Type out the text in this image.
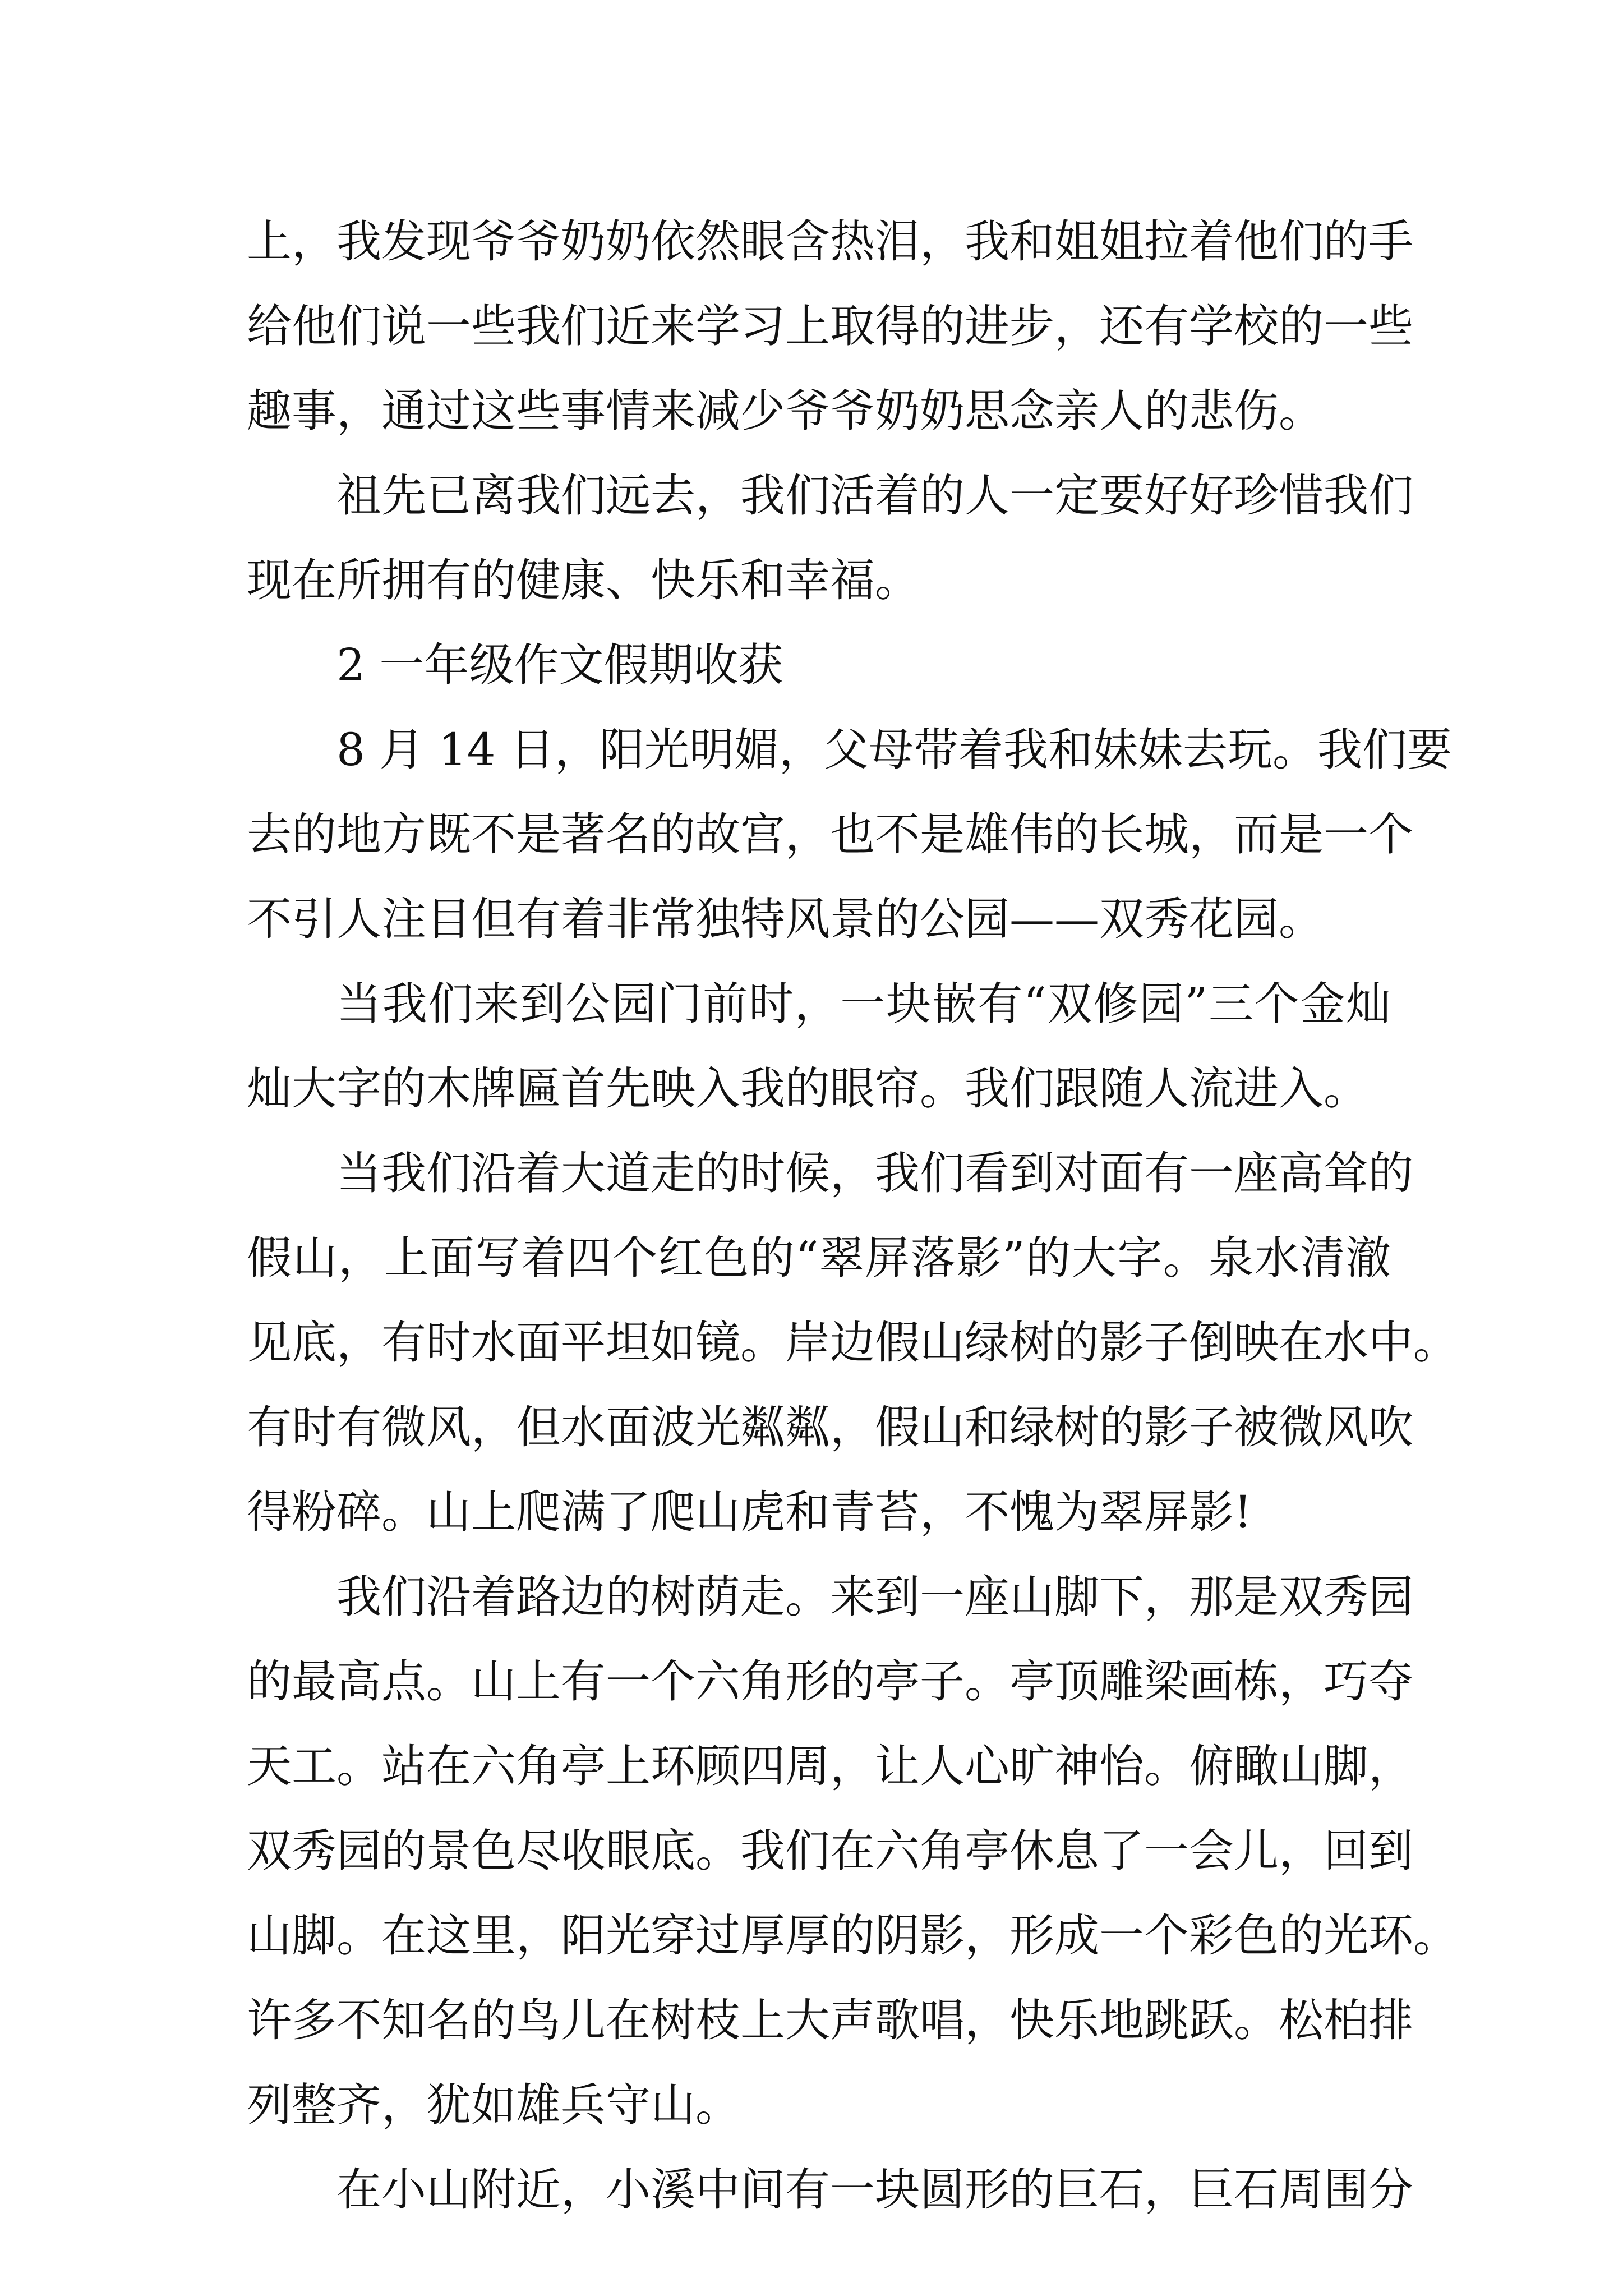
上，我发现爷爷奶奶依然眼含热泪，我和姐姐拉着他们的手
给他们说一些我们近来学习上取得的进步，还有学校的一些
趣事，通过这些事情来减少爷爷奶奶思念亲人的悲伤。
祖先已离我们远去，我们活着的人一定要好好珍惜我们
现在所拥有的健康、快乐和幸福。
2 一年级作文假期收获
8 月 14 日，阳光明媚，父母带着我和妹妹去玩。我们要
去的地方既不是著名的故宫，也不是雄伟的长城，而是一个
不引人注目但有着非常独特风景的公园——双秀花园。
当我们来到公园门前时，一块嵌有“双修园”三个金灿
灿大字的木牌匾首先映入我的眼帘。我们跟随人流进入。
当我们沿着大道走的时候，我们看到对面有一座高耸的
假山，上面写着四个红色的“翠屏落影”的大字。泉水清澈
见底，有时水面平坦如镜。岸边假山绿树的影子倒映在水中。
有时有微风，但水面波光粼粼，假山和绿树的影子被微风吹
得粉碎。山上爬满了爬山虎和青苔，不愧为翠屏影!
我们沿着路边的树荫走。来到一座山脚下，那是双秀园
的最高点。山上有一个六角形的亭子。亭顶雕梁画栋，巧夺
天工。站在六角亭上环顾四周，让人心旷神怡。俯瞰山脚，
双秀园的景色尽收眼底。我们在六角亭休息了一会儿，回到
山脚。在这里，阳光穿过厚厚的阴影，形成一个彩色的光环。
许多不知名的鸟儿在树枝上大声歌唱，快乐地跳跃。松柏排
列整齐，犹如雄兵守山。
在小山附近，小溪中间有一块圆形的巨石，巨石周围分
